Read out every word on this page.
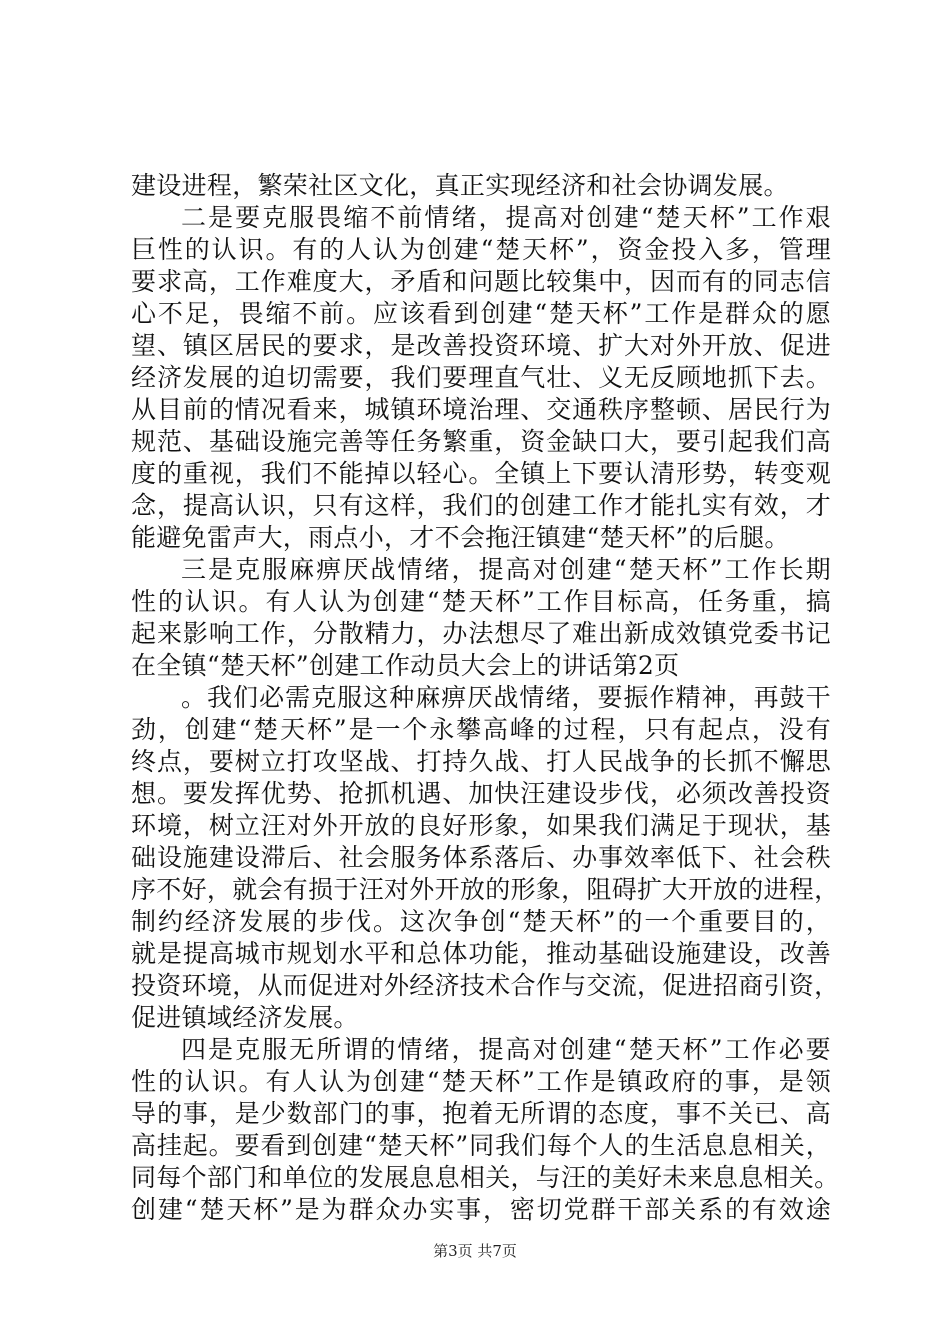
建设进程，繁荣社区文化，真正实现经济和社会协调发展。
二是要克服畏缩不前情绪，提高对创建“楚天杯”工作艰
巨性的认识。有的人认为创建“楚天杯”，资金投入多，管理
要求高，工作难度大，矛盾和问题比较集中，因而有的同志信
心不足，畏缩不前。应该看到创建“楚天杯”工作是群众的愿
望、镇区居民的要求，是改善投资环境、扩大对外开放、促进
经济发展的迫切需要，我们要理直气壮、义无反顾地抓下去。
从目前的情况看来，城镇环境治理、交通秩序整顿、居民行为
规范、基础设施完善等任务繁重，资金缺口大，要引起我们高
度的重视，我们不能掉以轻心。全镇上下要认清形势，转变观
念，提高认识，只有这样，我们的创建工作才能扎实有效，才
能避免雷声大，雨点小，才不会拖汪镇建“楚天杯”的后腿。
三是克服麻痹厌战情绪，提高对创建“楚天杯”工作长期
性的认识。有人认为创建“楚天杯”工作目标高，任务重，搞
起来影响工作，分散精力，办法想尽了难出新成效镇党委书记
在全镇“楚天杯”创建工作动员大会上的讲话第2页
。我们必需克服这种麻痹厌战情绪，要振作精神，再鼓干
劲，创建“楚天杯”是一个永攀高峰的过程，只有起点，没有
终点，要树立打攻坚战、打持久战、打人民战争的长抓不懈思
想。要发挥优势、抢抓机遇、加快汪建设步伐，必须改善投资
环境，树立汪对外开放的良好形象，如果我们满足于现状，基
础设施建设滞后、社会服务体系落后、办事效率低下、社会秩
序不好，就会有损于汪对外开放的形象，阻碍扩大开放的进程，
制约经济发展的步伐。这次争创“楚天杯”的一个重要目的，
就是提高城市规划水平和总体功能，推动基础设施建设，改善
投资环境，从而促进对外经济技术合作与交流，促进招商引资，
促进镇域经济发展。
四是克服无所谓的情绪，提高对创建“楚天杯”工作必要
性的认识。有人认为创建“楚天杯”工作是镇政府的事，是领
导的事，是少数部门的事，抱着无所谓的态度，事不关已、高
高挂起。要看到创建“楚天杯”同我们每个人的生活息息相关，
同每个部门和单位的发展息息相关，与汪的美好未来息息相关。
创建“楚天杯”是为群众办实事，密切党群干部关系的有效途
第3页 共7页
